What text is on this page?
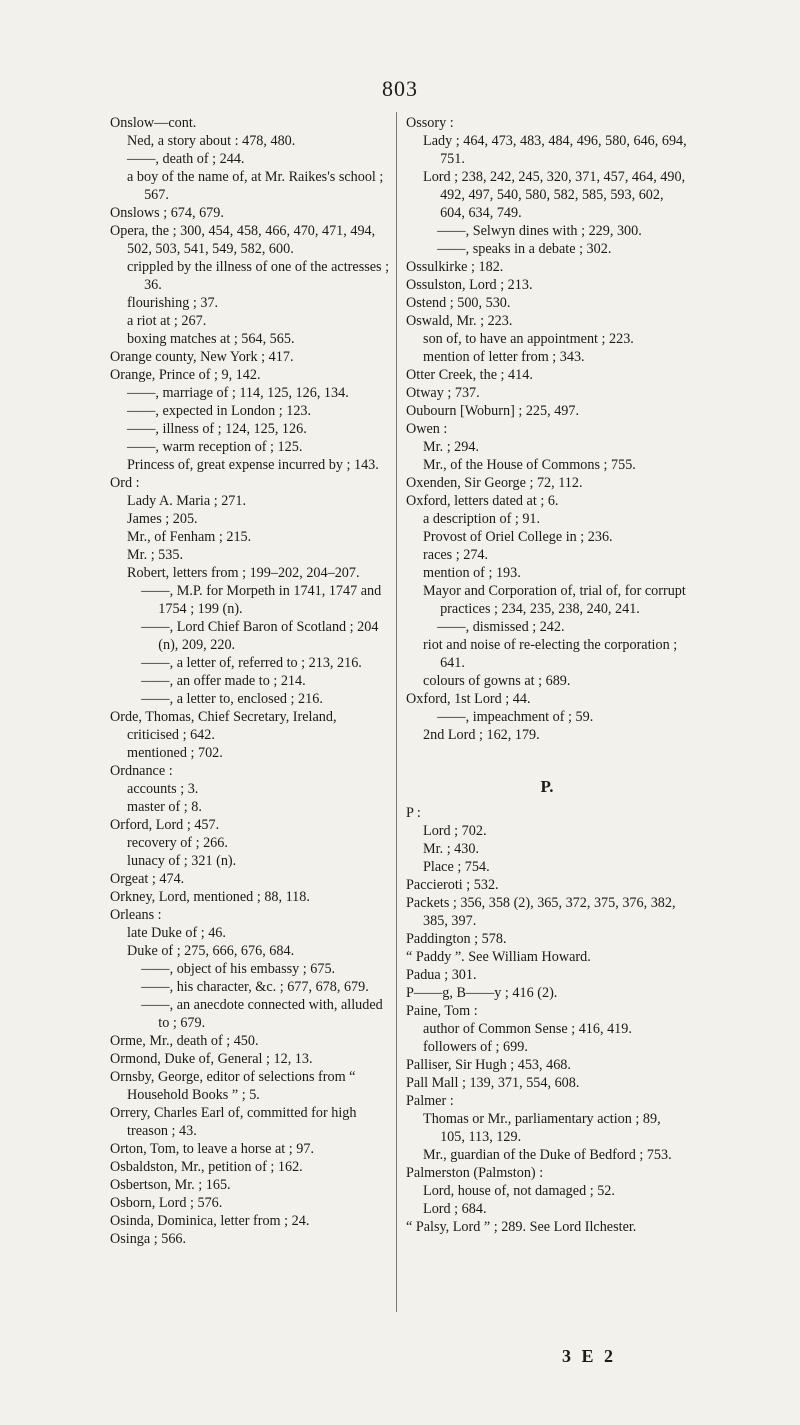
803
Onslow—cont.
Ned, a story about : 478, 480.
——, death of ; 244.
a boy of the name of, at Mr. Raikes's school ; 567.
Onslows ; 674, 679.
Opera, the ; 300, 454, 458, 466, 470, 471, 494, 502, 503, 541, 549, 582, 600.
crippled by the illness of one of the actresses ; 36.
flourishing ; 37.
a riot at ; 267.
boxing matches at ; 564, 565.
Orange county, New York ; 417.
Orange, Prince of ; 9, 142.
——, marriage of ; 114, 125, 126, 134.
——, expected in London ; 123.
——, illness of ; 124, 125, 126.
——, warm reception of ; 125.
Princess of, great expense incurred by ; 143.
Ord :
Lady A. Maria ; 271.
James ; 205.
Mr., of Fenham ; 215.
Mr. ; 535.
Robert, letters from ; 199–202, 204–207.
——, M.P. for Morpeth in 1741, 1747 and 1754 ; 199 (n).
——, Lord Chief Baron of Scotland ; 204 (n), 209, 220.
——, a letter of, referred to ; 213, 216.
——, an offer made to ; 214.
——, a letter to, enclosed ; 216.
Orde, Thomas, Chief Secretary, Ireland, criticised ; 642.
mentioned ; 702.
Ordnance :
accounts ; 3.
master of ; 8.
Orford, Lord ; 457.
recovery of ; 266.
lunacy of ; 321 (n).
Orgeat ; 474.
Orkney, Lord, mentioned ; 88, 118.
Orleans :
late Duke of ; 46.
Duke of ; 275, 666, 676, 684.
——, object of his embassy ; 675.
——, his character, &c. ; 677, 678, 679.
——, an anecdote connected with, alluded to ; 679.
Orme, Mr., death of ; 450.
Ormond, Duke of, General ; 12, 13.
Ornsby, George, editor of selections from “ Household Books ” ; 5.
Orrery, Charles Earl of, committed for high treason ; 43.
Orton, Tom, to leave a horse at ; 97.
Osbaldston, Mr., petition of ; 162.
Osbertson, Mr. ; 165.
Osborn, Lord ; 576.
Osinda, Dominica, letter from ; 24.
Osinga ; 566.
Ossory :
Lady ; 464, 473, 483, 484, 496, 580, 646, 694, 751.
Lord ; 238, 242, 245, 320, 371, 457, 464, 490, 492, 497, 540, 580, 582, 585, 593, 602, 604, 634, 749.
——, Selwyn dines with ; 229, 300.
——, speaks in a debate ; 302.
Ossulkirke ; 182.
Ossulston, Lord ; 213.
Ostend ; 500, 530.
Oswald, Mr. ; 223.
son of, to have an appointment ; 223.
mention of letter from ; 343.
Otter Creek, the ; 414.
Otway ; 737.
Oubourn [Woburn] ; 225, 497.
Owen :
Mr. ; 294.
Mr., of the House of Commons ; 755.
Oxenden, Sir George ; 72, 112.
Oxford, letters dated at ; 6.
a description of ; 91.
Provost of Oriel College in ; 236.
races ; 274.
mention of ; 193.
Mayor and Corporation of, trial of, for corrupt practices ; 234, 235, 238, 240, 241.
——, dismissed ; 242.
riot and noise of re-electing the corporation ; 641.
colours of gowns at ; 689.
Oxford, 1st Lord ; 44.
——, impeachment of ; 59.
2nd Lord ; 162, 179.
P.
P :
Lord ; 702.
Mr. ; 430.
Place ; 754.
Paccieroti ; 532.
Packets ; 356, 358 (2), 365, 372, 375, 376, 382, 385, 397.
Paddington ; 578.
“ Paddy ”. See William Howard.
Padua ; 301.
P——g, B——y ; 416 (2).
Paine, Tom :
author of Common Sense ; 416, 419.
followers of ; 699.
Palliser, Sir Hugh ; 453, 468.
Pall Mall ; 139, 371, 554, 608.
Palmer :
Thomas or Mr., parliamentary action ; 89, 105, 113, 129.
Mr., guardian of the Duke of Bedford ; 753.
Palmerston (Palmston) :
Lord, house of, not damaged ; 52.
Lord ; 684.
“ Palsy, Lord ” ; 289. See Lord Ilchester.
3 E 2
